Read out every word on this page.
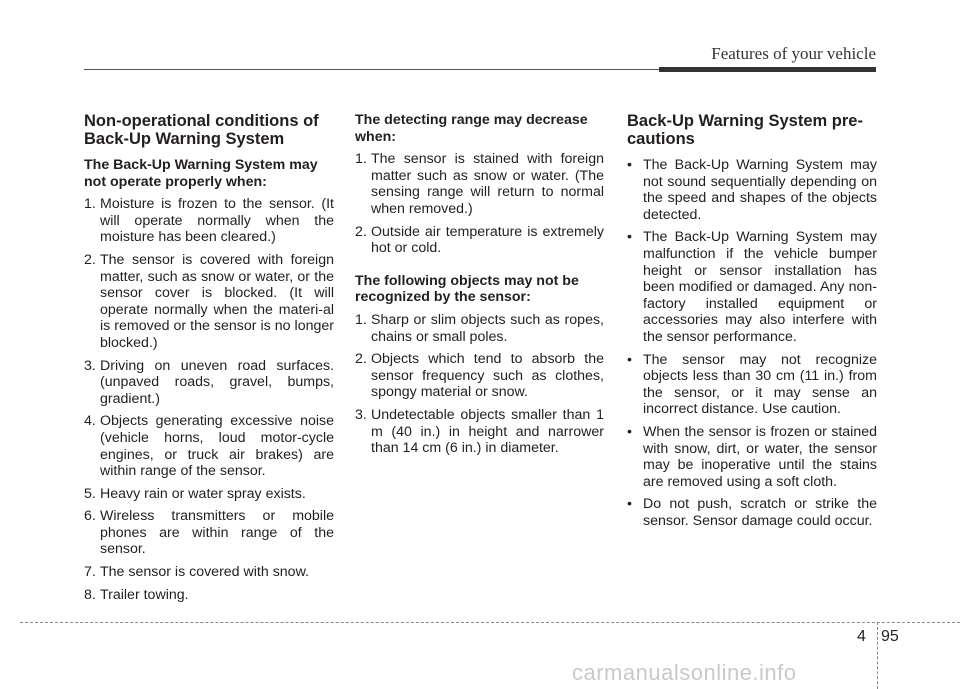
Features of your vehicle
Non-operational conditions of Back-Up Warning System
The Back-Up Warning System may not operate properly when:
1. Moisture is frozen to the sensor. (It will operate normally when the moisture has been cleared.)
2. The sensor is covered with foreign matter, such as snow or water, or the sensor cover is blocked. (It will operate normally when the materi-al is removed or the sensor is no longer blocked.)
3. Driving on uneven road surfaces. (unpaved roads, gravel, bumps, gradient.)
4. Objects generating excessive noise (vehicle horns, loud motor-cycle engines, or truck air brakes) are within range of the sensor.
5. Heavy rain or water spray exists.
6. Wireless transmitters or mobile phones are within range of the sensor.
7. The sensor is covered with snow.
8. Trailer towing.
The detecting range may decrease when:
1. The sensor is stained with foreign matter such as snow or water. (The sensing range will return to normal when removed.)
2. Outside air temperature is extremely hot or cold.
The following objects may not be recognized by the sensor:
1. Sharp or slim objects such as ropes, chains or small poles.
2. Objects which tend to absorb the sensor frequency such as clothes, spongy material or snow.
3. Undetectable objects smaller than 1 m (40 in.) in height and narrower than 14 cm (6 in.) in diameter.
Back-Up Warning System pre-cautions
• The Back-Up Warning System may not sound sequentially depending on the speed and shapes of the objects detected.
• The Back-Up Warning System may malfunction if the vehicle bumper height or sensor installation has been modified or damaged. Any non-factory installed equipment or accessories may also interfere with the sensor performance.
• The sensor may not recognize objects less than 30 cm (11 in.) from the sensor, or it may sense an incorrect distance. Use caution.
• When the sensor is frozen or stained with snow, dirt, or water, the sensor may be inoperative until the stains are removed using a soft cloth.
• Do not push, scratch or strike the sensor. Sensor damage could occur.
4 95
carmanualsonline.info
